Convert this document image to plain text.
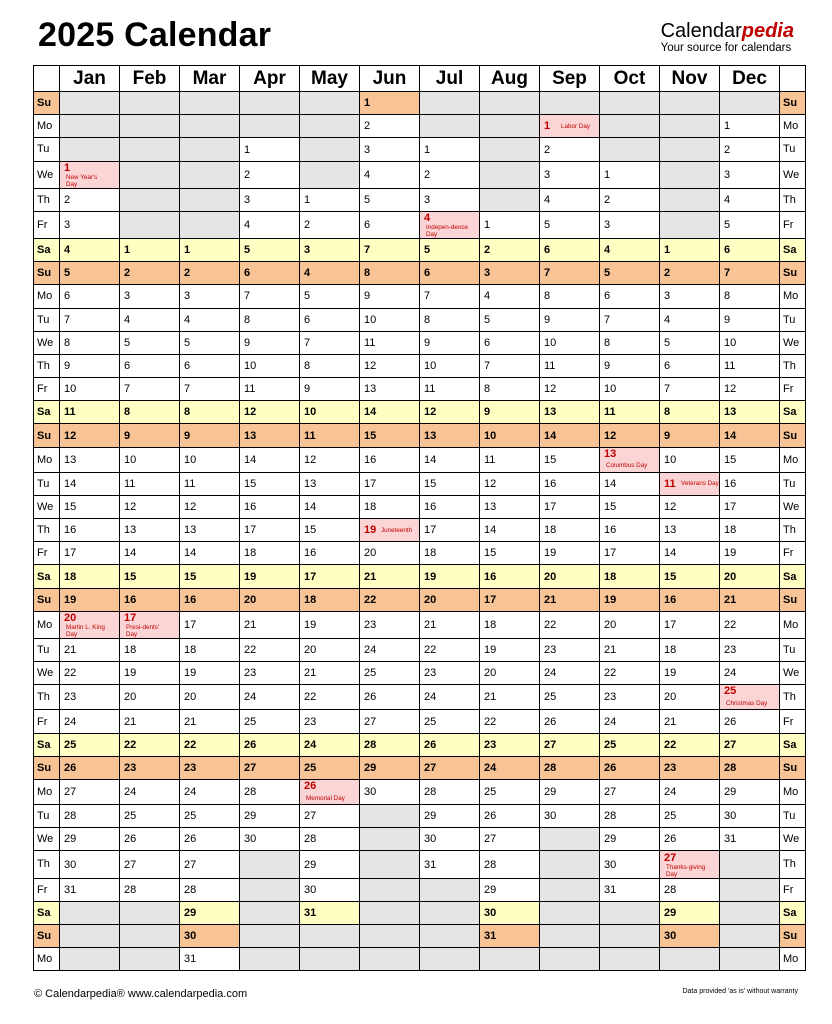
2025 Calendar	Calendarpedia
Your source for calendars
	Jan	Feb	Mar	Apr	May	Jun	Jul	Aug	Sep	Oct	Nov	Dec	
Su						1							Su
Mo						2			1 Labor Day			1	Mo
Tu				1		3	1		2			2	Tu
We	1New Year's Day			2		4	2		3	1		3	We
Th	2			3	1	5	3		4	2		4	Th
Fr	3			4	2	6	4Indepen-dence Day	1	5	3		5	Fr
Sa	4	1	1	5	3	7	5	2	6	4	1	6	Sa
Su	5	2	2	6	4	8	6	3	7	5	2	7	Su
Mo	6	3	3	7	5	9	7	4	8	6	3	8	Mo
Tu	7	4	4	8	6	10	8	5	9	7	4	9	Tu
We	8	5	5	9	7	11	9	6	10	8	5	10	We
Th	9	6	6	10	8	12	10	7	11	9	6	11	Th
Fr	10	7	7	11	9	13	11	8	12	10	7	12	Fr
Sa	11	8	8	12	10	14	12	9	13	11	8	13	Sa
Su	12	9	9	13	11	15	13	10	14	12	9	14	Su
Mo	13	10	10	14	12	16	14	11	15	13Columbus Day	10	15	Mo
Tu	14	11	11	15	13	17	15	12	16	14	11 Veterans Day	16	Tu
We	15	12	12	16	14	18	16	13	17	15	12	17	We
Th	16	13	13	17	15	19 Juneteenth	17	14	18	16	13	18	Th
Fr	17	14	14	18	16	20	18	15	19	17	14	19	Fr
Sa	18	15	15	19	17	21	19	16	20	18	15	20	Sa
Su	19	16	16	20	18	22	20	17	21	19	16	21	Su
Mo	20Martin L. King Day	17Presi-dents' Day	17	21	19	23	21	18	22	20	17	22	Mo
Tu	21	18	18	22	20	24	22	19	23	21	18	23	Tu
We	22	19	19	23	21	25	23	20	24	22	19	24	We
Th	23	20	20	24	22	26	24	21	25	23	20	25Christmas Day	Th
Fr	24	21	21	25	23	27	25	22	26	24	21	26	Fr
Sa	25	22	22	26	24	28	26	23	27	25	22	27	Sa
Su	26	23	23	27	25	29	27	24	28	26	23	28	Su
Mo	27	24	24	28	26Memorial Day	30	28	25	29	27	24	29	Mo
Tu	28	25	25	29	27		29	26	30	28	25	30	Tu
We	29	26	26	30	28		30	27		29	26	31	We
Th	30	27	27		29		31	28		30	27Thanks-giving Day		Th
Fr	31	28	28		30			29		31	28		Fr
Sa			29		31			30			29		Sa
Su			30					31			30		Su
Mo			31										Mo
© Calendarpedia® www.calendarpedia.com	Data provided 'as is' without warranty
